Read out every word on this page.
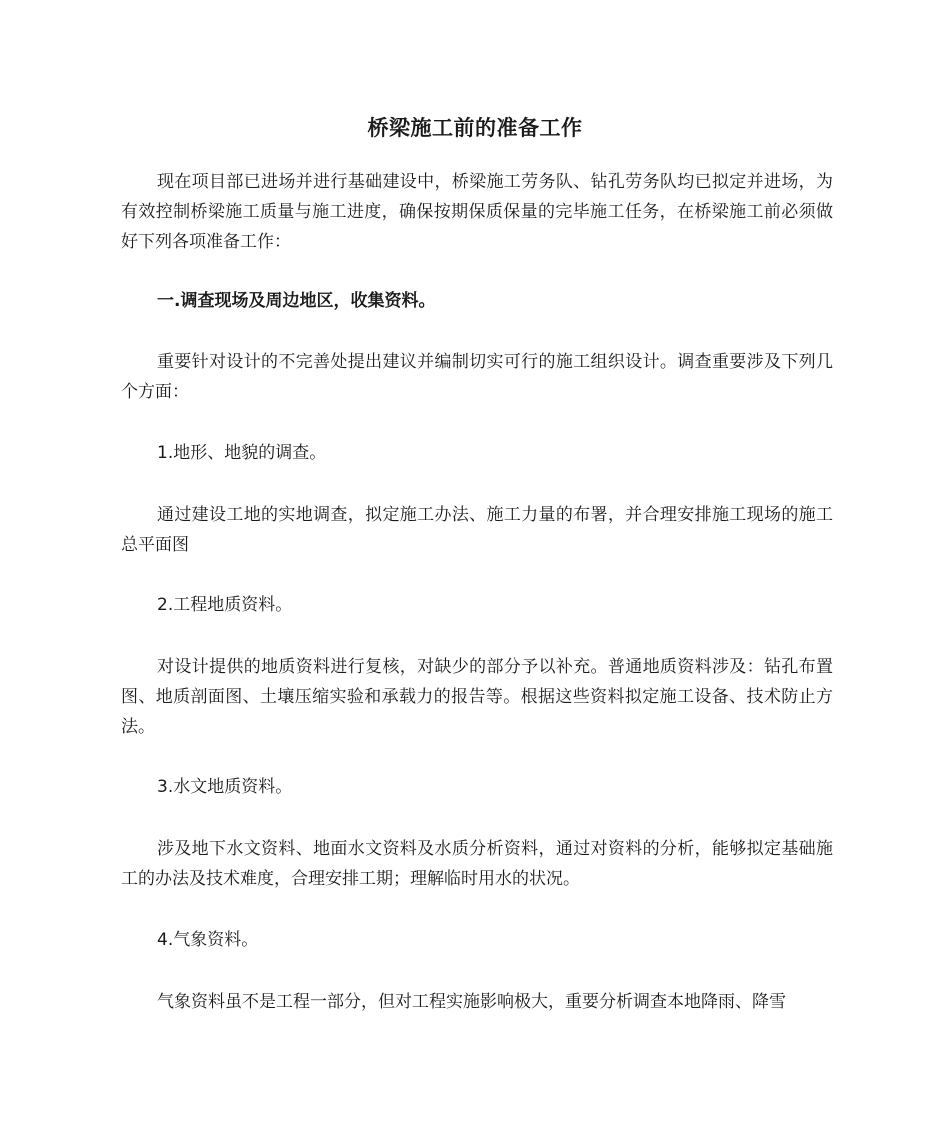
桥梁施工前的准备工作

现在项目部已进场并进行基础建设中，桥梁施工劳务队、钻孔劳务队均已拟定并进场，为有效控制桥梁施工质量与施工进度，确保按期保质保量的完毕施工任务，在桥梁施工前必须做好下列各项准备工作：

一.调查现场及周边地区，收集资料。

重要针对设计的不完善处提出建议并编制切实可行的施工组织设计。调查重要涉及下列几个方面：

1.地形、地貌的调查。

通过建设工地的实地调查，拟定施工办法、施工力量的布署，并合理安排施工现场的施工总平面图

2.工程地质资料。

对设计提供的地质资料进行复核，对缺少的部分予以补充。普通地质资料涉及：钻孔布置图、地质剖面图、土壤压缩实验和承载力的报告等。根据这些资料拟定施工设备、技术防止方法。

3.水文地质资料。

涉及地下水文资料、地面水文资料及水质分析资料，通过对资料的分析，能够拟定基础施工的办法及技术难度，合理安排工期；理解临时用水的状况。

4.气象资料。

气象资料虽不是工程一部分，但对工程实施影响极大，重要分析调查本地降雨、降雪
